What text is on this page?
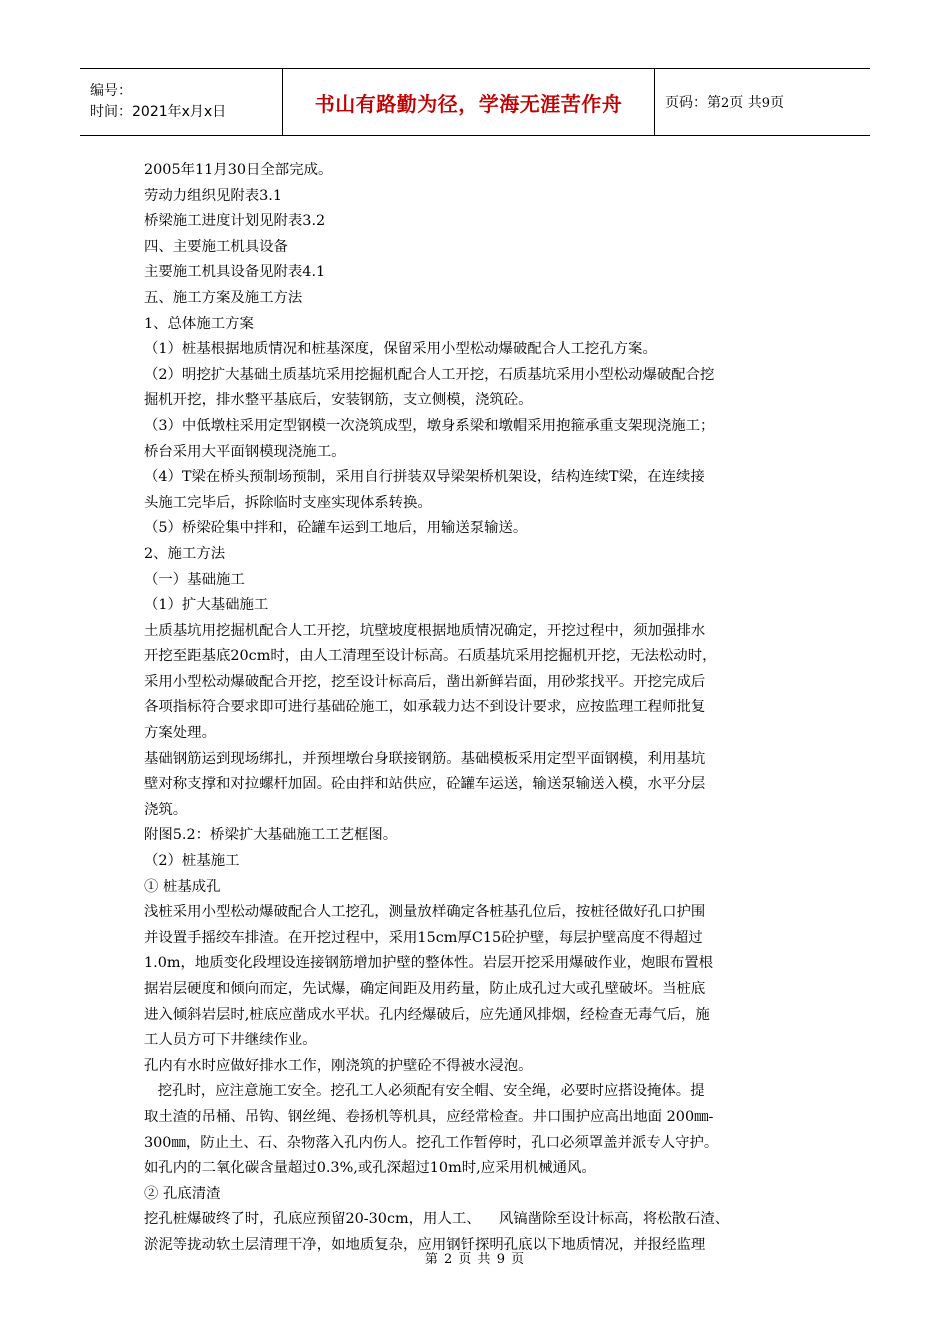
编号：
时间：2021年x月x日	书山有路勤为径，学海无涯苦作舟	页码：第2页 共9页

2005年11月30日全部完成。

劳动力组织见附表3.1

桥梁施工进度计划见附表3.2

四、主要施工机具设备

主要施工机具设备见附表4.1

五、施工方案及施工方法

1、总体施工方案

（1）桩基根据地质情况和桩基深度，保留采用小型松动爆破配合人工挖孔方案。

（2）明挖扩大基础土质基坑采用挖掘机配合人工开挖，石质基坑采用小型松动爆破配合挖

掘机开挖，排水整平基底后，安装钢筋，支立侧模，浇筑砼。

（3）中低墩柱采用定型钢模一次浇筑成型，墩身系梁和墩帽采用抱箍承重支架现浇施工；

桥台采用大平面钢模现浇施工。

（4）T梁在桥头预制场预制，采用自行拼装双导梁架桥机架设，结构连续T梁，在连续接

头施工完毕后，拆除临时支座实现体系转换。

（5）桥梁砼集中拌和，砼罐车运到工地后，用输送泵输送。

2、施工方法

（一）基础施工

（1）扩大基础施工

土质基坑用挖掘机配合人工开挖，坑壁坡度根据地质情况确定，开挖过程中，须加强排水

开挖至距基底20cm时，由人工清理至设计标高。石质基坑采用挖掘机开挖，无法松动时，

采用小型松动爆破配合开挖，挖至设计标高后，凿出新鲜岩面，用砂浆找平。开挖完成后

各项指标符合要求即可进行基础砼施工，如承载力达不到设计要求，应按监理工程师批复

方案处理。

基础钢筋运到现场绑扎，并预埋墩台身联接钢筋。基础模板采用定型平面钢模，利用基坑

壁对称支撑和对拉螺杆加固。砼由拌和站供应，砼罐车运送，输送泵输送入模，水平分层

浇筑。

附图5.2：桥梁扩大基础施工工艺框图。

（2）桩基施工

① 桩基成孔

浅桩采用小型松动爆破配合人工挖孔，测量放样确定各桩基孔位后，按桩径做好孔口护围

并设置手摇绞车排渣。在开挖过程中，采用15cm厚C15砼护壁，每层护壁高度不得超过

1.0m，地质变化段埋设连接钢筋增加护壁的整体性。岩层开挖采用爆破作业，炮眼布置根

据岩层硬度和倾向而定，先试爆，确定间距及用药量，防止成孔过大或孔壁破坏。当桩底

进入倾斜岩层时,桩底应凿成水平状。孔内经爆破后，应先通风排烟，经检查无毒气后，施

工人员方可下井继续作业。

孔内有水时应做好排水工作，刚浇筑的护壁砼不得被水浸泡。

挖孔时，应注意施工安全。挖孔工人必须配有安全帽、安全绳，必要时应搭设掩体。提

取土渣的吊桶、吊钩、钢丝绳、卷扬机等机具，应经常检查。井口围护应高出地面 200㎜-

300㎜，防止土、石、杂物落入孔内伤人。挖孔工作暂停时，孔口必须罩盖并派专人守护。

如孔内的二氧化碳含量超过0.3%,或孔深超过10m时,应采用机械通风。

② 孔底清渣

挖孔桩爆破终了时，孔底应预留20-30cm，用人工、    风镐凿除至设计标高，将松散石渣、

淤泥等拢动软土层清理干净，如地质复杂，应用钢钎探明孔底以下地质情况，并报经监理

第 2 页 共 9 页
